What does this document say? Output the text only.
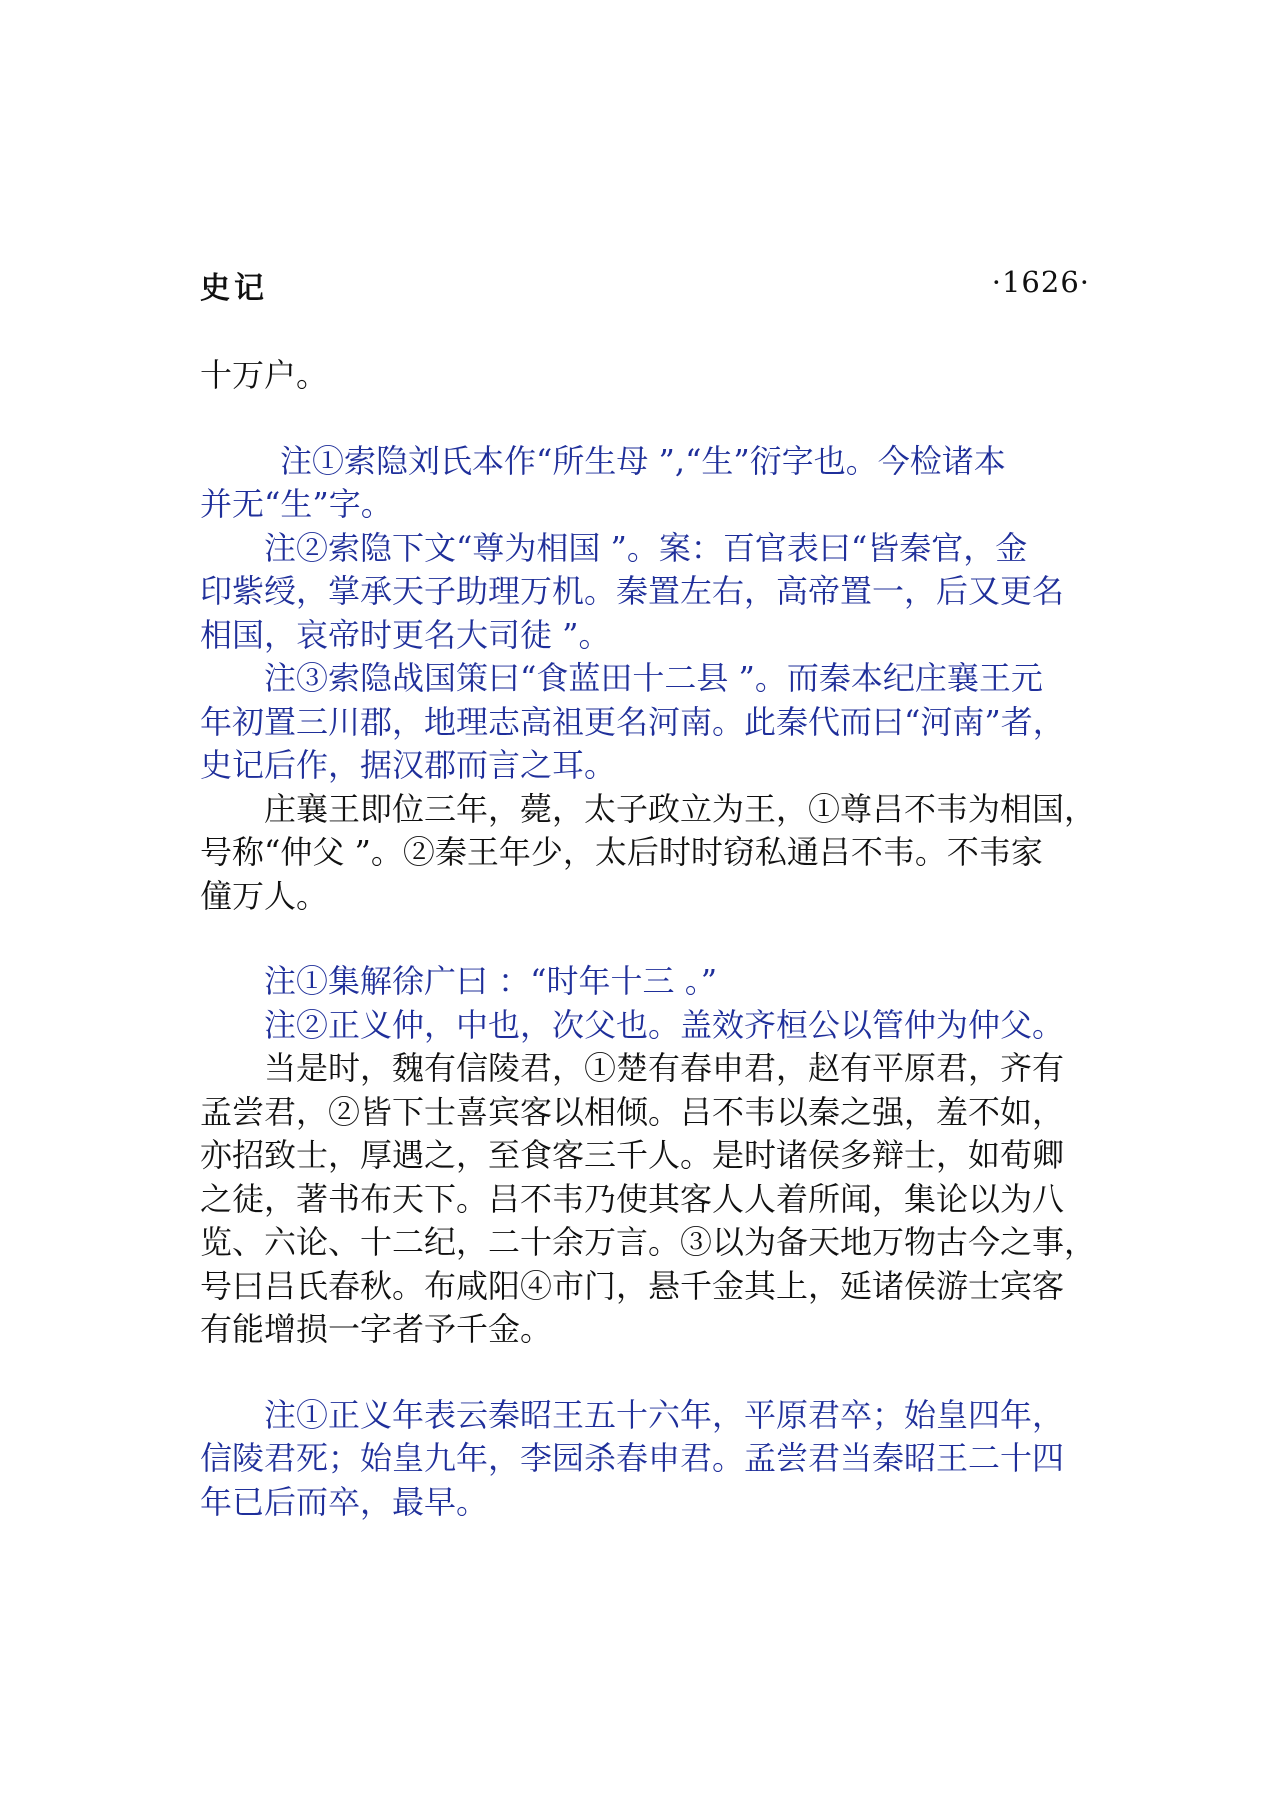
史记	·1626·
十万户。
注①索隐刘氏本作“所生母 ”,“生”衍字也。今检诸本
并无“生”字。
注②索隐下文“尊为相国 ”。案：百官表曰“皆秦官，金
印紫绶，掌承天子助理万机。秦置左右，高帝置一，后又更名
相国，哀帝时更名大司徒 ”。
注③索隐战国策曰“食蓝田十二县 ”。而秦本纪庄襄王元
年初置三川郡，地理志高祖更名河南。此秦代而曰“河南”者，
史记后作，据汉郡而言之耳。
庄襄王即位三年，薨，太子政立为王，①尊吕不韦为相国，
号称“仲父 ”。②秦王年少，太后时时窃私通吕不韦。不韦家
僮万人。
注①集解徐广曰 ：“时年十三 。”
注②正义仲，中也，次父也。盖效齐桓公以管仲为仲父。
当是时，魏有信陵君，①楚有春申君，赵有平原君，齐有
孟尝君，②皆下士喜宾客以相倾。吕不韦以秦之强，羞不如，
亦招致士，厚遇之，至食客三千人。是时诸侯多辩士，如荀卿
之徒，著书布天下。吕不韦乃使其客人人着所闻，集论以为八
览、六论、十二纪，二十余万言。③以为备天地万物古今之事，
号曰吕氏春秋。布咸阳④市门，悬千金其上，延诸侯游士宾客
有能增损一字者予千金。
注①正义年表云秦昭王五十六年，平原君卒；始皇四年，
信陵君死；始皇九年，李园杀春申君。孟尝君当秦昭王二十四
年已后而卒，最早。
